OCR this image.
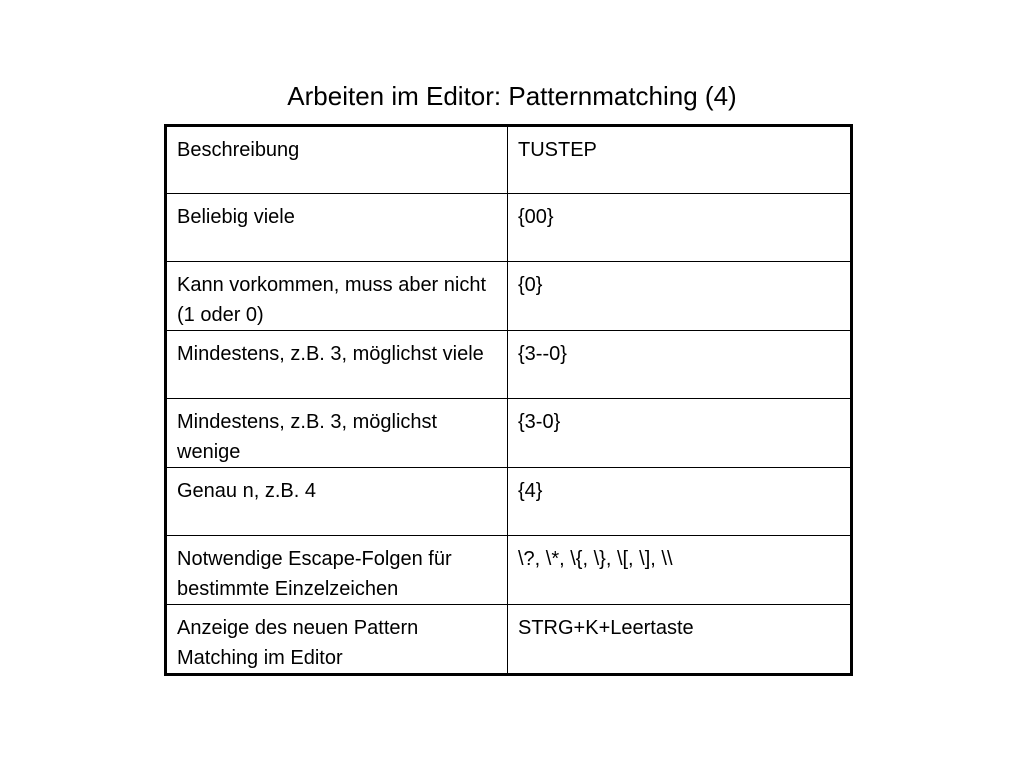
Arbeiten im Editor: Patternmatching (4)
Beschreibung	TUSTEP
Beliebig viele	{00}
Kann vorkommen, muss aber nicht (1 oder 0)	{0}
Mindestens, z.B. 3, möglichst viele	{3--0}
Mindestens, z.B. 3, möglichst wenige	{3-0}
Genau n, z.B. 4	{4}
Notwendige Escape-Folgen für bestimmte Einzelzeichen	\?, \*, \{, \}, \[, \], \\
Anzeige des neuen Pattern Matching im Editor	STRG+K+Leertaste
